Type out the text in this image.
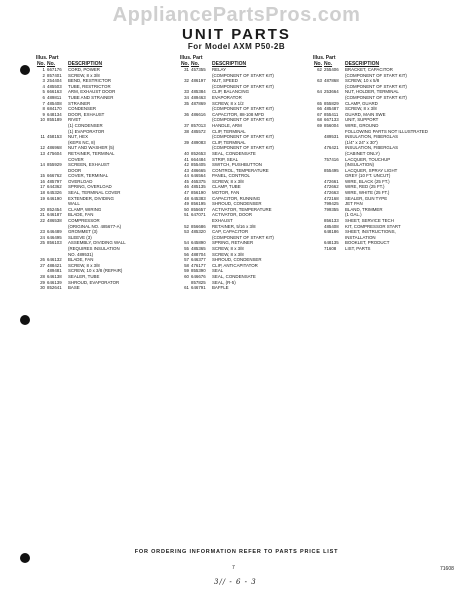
AppliancePartsPros.com
UNIT PARTS
For Model AXM P50-2B
Illus. Part
No. No.	DESCRIPTION
1 667176	CORD, POWER
2 857401	SCREW, 8 x 3/8
3 254404	BEND, RESTRICTOR
4 485503	TUBE, RESTRICTOR
5 666163	ARM, EXHAUST DOOR
6 489811	TUBE AND STRAINER
7 485408	STRAINER
8 684170	CONDENSER
9 648134	DOOR, EXHAUST
10 855189	RIVET
(1) CONDENSER
(1) EVAPORATOR
11 458153	NUT, HEX
(KEPS NC, 8)
12 486968	NUT AND WASHER (5)
13 475604	RETAINER, TERMINAL
COVER
14 855929	SCREEN, EXHAUST
DOOR
15 666762	COVER, TERMINAL
16 485797	OVERLOAD
17 644362	SPRING, OVERLOAD
18 645326	SEAL, TERMINAL COVER
19 646190	EXTENDER, DIVIDING
WALL
20 852454	CLAMP, WIRING
21 646187	BLADE, FAN
22 486538	COMPRESSOR
(ORIGINAL NO. 485677-A)
23 646489	GROMMET (3)
24 646495	SLEEVE (3)
25 856103	ASSEMBLY, DIVIDING WALL
(REQUIRES INSULATION
NO. 489531)
26 646132	BLADE, FAN
27 488421	SCREW, 8 x 3/8
489481	SCREW, 10 x 3/8 (REPAIR)
28 646138	SEALER, TUBE
29 646139	SHROUD, EVAPORATOR
30 852641	BASE
Illus. Part
No. No.	DESCRIPTION
31 457355	RELAY
(COMPONENT OF START KIT)
32 486197	NUT, SPEED
(COMPONENT OF START KIT)
33 485384	CLIP, BALANCING
34 489463	EVAPORATOR
35 487869	SCREW, 8 x 1/2
(COMPONENT OF START KIT)
36 486616	CAPACITOR, 88-108 MFD
(COMPONENT OF START KIT)
37 857013	HANDLE, ARM
38 485572	CLIP, TERMINAL
(COMPONENT OF START KIT)
39 489083	CLIP, TERMINAL
(COMPONENT OF START KIT)
40 852653	SEAL, CONDENSATE
41 664484	STRIP, SEAL
42 855405	SWITCH, PUSHBUTTON
43 486665	CONTROL, TEMPERATURE
44 646564	PANEL, CONTROL
45 465375	SCREW, 8 x 3/8
46 485135	CLAMP, TUBE
47 856190	MOTOR, FAN
48 645383	CAPACITOR, RUNNING
49 856195	SHROUD, CONDENSER
50 855657	ACTIVATOR, TEMPERATURE
51 647071	ACTIVATOR, DOOR
EXHAUST
52 856686	RETAINER, 5/16 x 3/8
53 485320	CAP, CAPACITOR
(COMPONENT OF START KIT)
54 645890	SPRING, RETAINER
55 485365	SCREW, 8 x 3/8
56 488704	SCREW, 8 x 3/8
57 646377	SHROUD, CONDENSER
58 476177	CLIP, ANTICAPITATOR
59 855390	SEAL
60 646676	SEAL, CONDENSATE
857825	SEAL, (R-5)
61 646791	BAFFLE
Illus. Part
No. No.	DESCRIPTION
62 255406	BRACKET, CAPACITOR
(COMPONENT OF START KIT)
63 487868	SCREW, 10 x 5/8
(COMPONENT OF START KIT)
64 253664	NUT, HOLDER, TERMINAL
(COMPONENT OF START KIT)
65 855829	CLAMP, GUARD
66 485487	SCREW, 8 x 3/8
67 855411	GUARD, MAIN SWE
68 667133	UNIT, SUPPORT
69 856004	WIRE, GROUND
FOLLOWING PARTS NOT ILLUSTRATED
489531	INSULATION, FIBERGLAS
(1/4" x 24" x 30")
476421	INSULATION, FIBERGLAS
(CABINET ONLY)
757416	LACQUER, TOUCHUP
(INSULATION)
855495	LACQUER, SPRAY LIGHT
GREY (10 FT. UNCUT)
472661	WIRE, BLACK (25 FT.)
472662	WIRE, RED (25 FT.)
472663	WIRE, WHITE (25 FT.)
472168	SEALER, GUN TYPE
799425	JET PAN
799355	BLAND, TRIMMER
(1 GAL.)
856133	SHEET, SERVICE TECH
485408	KIT, COMPRESSOR START
648186	SHEET, INSTRUCTIONS,
INSTALLATION
648135	BOOKLET, PRODUCT
71608	LIST, PARTS
FOR ORDERING INFORMATION REFER TO PARTS PRICE LIST
7	71608
3// - 6 - 3
